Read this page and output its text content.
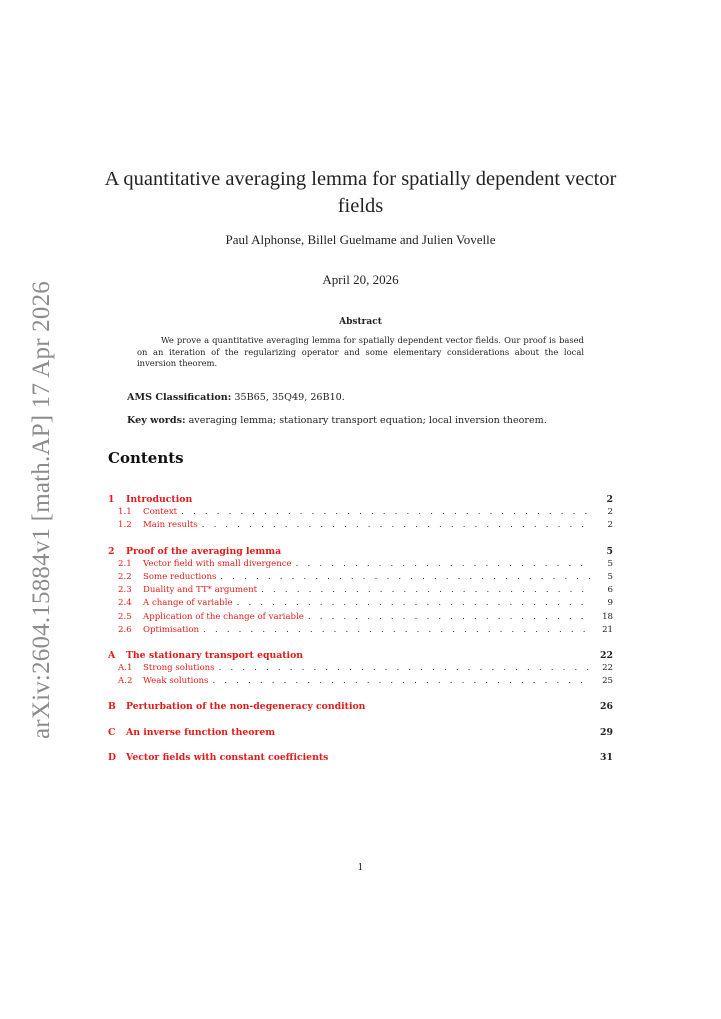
arXiv:2604.15884v1 [math.AP] 17 Apr 2026
A quantitative averaging lemma for spatially dependent vector fields
Paul Alphonse, Billel Guelmame and Julien Vovelle
April 20, 2026
Abstract
We prove a quantitative averaging lemma for spatially dependent vector fields. Our proof is based on an iteration of the regularizing operator and some elementary considerations about the local inversion theorem.
AMS Classification: 35B65, 35Q49, 26B10.
Key words: averaging lemma; stationary transport equation; local inversion theorem.
Contents
1	Introduction	2
1.1	Context . . .	2
1.2	Main results . . .	2
2	Proof of the averaging lemma	5
2.1	Vector field with small divergence . . .	5
2.2	Some reductions . . .	5
2.3	Duality and TT* argument . . .	6
2.4	A change of variable . . .	9
2.5	Application of the change of variable . . .	18
2.6	Optimisation . . .	21
A	The stationary transport equation	22
A.1	Strong solutions . . .	22
A.2	Weak solutions . . .	25
B	Perturbation of the non-degeneracy condition	26
C	An inverse function theorem	29
D	Vector fields with constant coefficients	31
1
